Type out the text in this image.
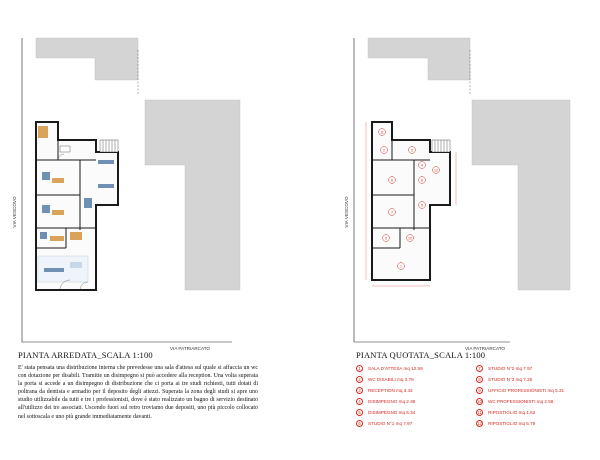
VIA VESCOVO
VIA PATRIARCATO
1
2	3
4
5
6
7
8
9	10
11
12
VIA VESCOVO
VIA PATRIARCATO
PIANTA ARREDATA_SCALA 1:100	PIANTA QUOTATA_SCALA 1:100
E' stata pensata una distribuzione interna che prevedesse una sala d'attesa sul quale si affaccia un wc con dotazione per disabili. Tramitte un disimpegno si può accedere alla reception. Una volta superata la porta si accede a un disimpegno di distribuzione che ci porta ai tre studi richiesti, tutti dotati di poltrana da dentista e armadio per il deposito degli attezzi. Superata la zona degli studi si apre uno studio utilizzabile da tutti e tre i professionisti, dove è stato realizzato un bagno di servizio destinato all'utilizzo dei tre associati. Uscendo fuori sul retro troviamo due depositi, uno più piccolo collocato nel sottoscala e uno più grande immediatamente davanti.
1	SALA D'ATTESA mq 12.59
2	WC DISABILI mq 3.78
3	RECEPTION mq 3.42
4	DISIMPEGNO mq 2.38
5	DISIMPEGNO mq 5.34
6	STUDIO N°1 mq 7.97
7	STUDIO N°2 mq 7.97
8	STUDIO N°3 mq 7.25
9	UFFICIO PROFESSIONISTI mq 5.31
10 WC PROFESSIONISTI mq 2.58
11 RIPOSTIGLIO mq 1.63
12 RIPOSTIGLIO mq 5.79
